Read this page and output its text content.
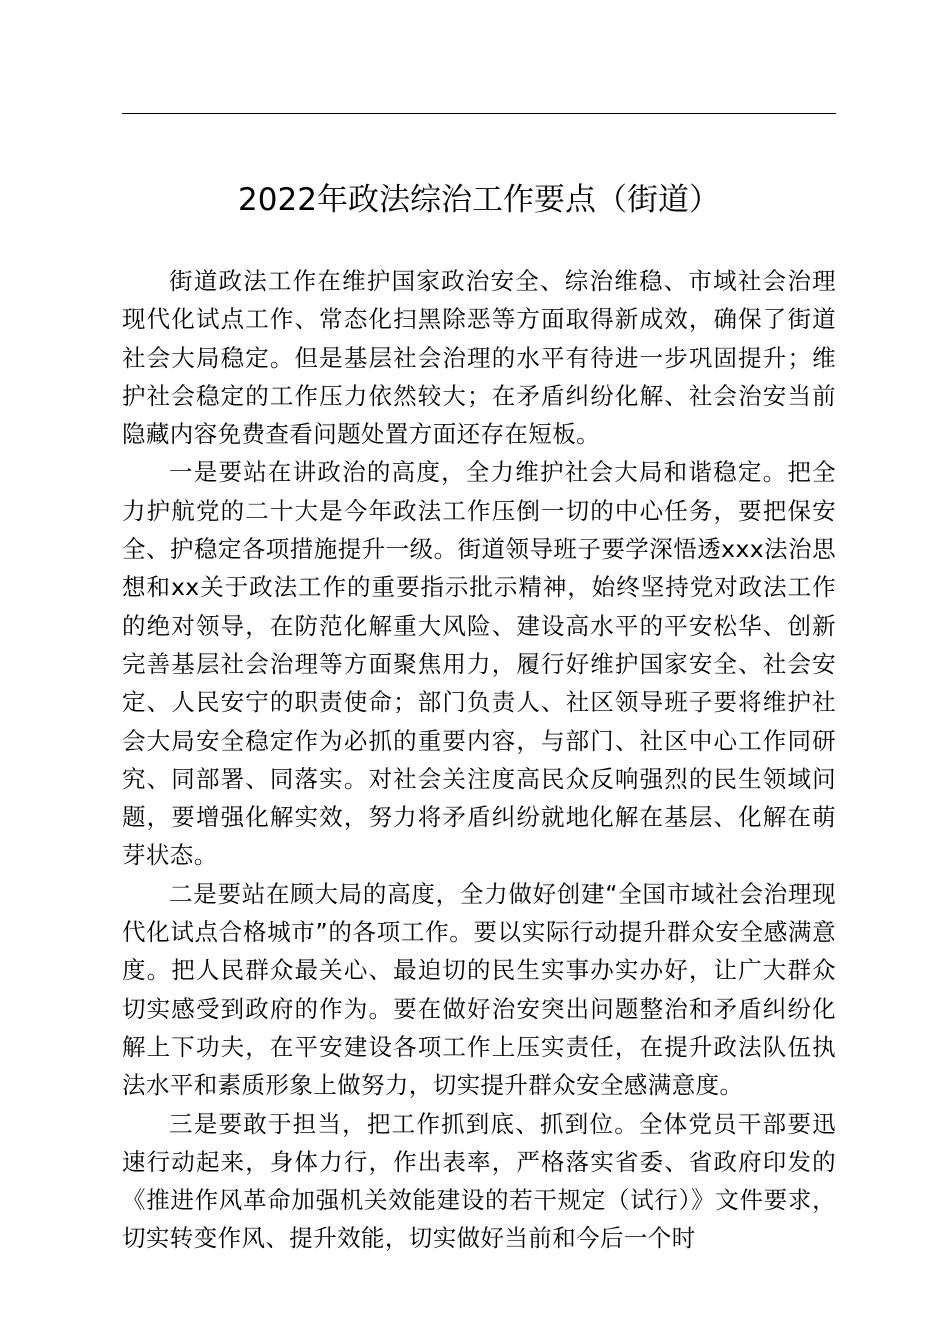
2022年政法综治工作要点（街道）

街道政法工作在维护国家政治安全、综治维稳、市域社会治理现代化试点工作、常态化扫黑除恶等方面取得新成效，确保了街道社会大局稳定。但是基层社会治理的水平有待进一步巩固提升；维护社会稳定的工作压力依然较大；在矛盾纠纷化解、社会治安当前隐藏内容免费查看问题处置方面还存在短板。

一是要站在讲政治的高度，全力维护社会大局和谐稳定。把全力护航党的二十大是今年政法工作压倒一切的中心任务，要把保安全、护稳定各项措施提升一级。街道领导班子要学深悟透xxx法治思想和xx关于政法工作的重要指示批示精神，始终坚持党对政法工作的绝对领导，在防范化解重大风险、建设高水平的平安松华、创新完善基层社会治理等方面聚焦用力，履行好维护国家安全、社会安定、人民安宁的职责使命；部门负责人、社区领导班子要将维护社会大局安全稳定作为必抓的重要内容，与部门、社区中心工作同研究、同部署、同落实。对社会关注度高民众反响强烈的民生领域问题，要增强化解实效，努力将矛盾纠纷就地化解在基层、化解在萌芽状态。

二是要站在顾大局的高度，全力做好创建“全国市域社会治理现代化试点合格城市”的各项工作。要以实际行动提升群众安全感满意度。把人民群众最关心、最迫切的民生实事办实办好，让广大群众切实感受到政府的作为。要在做好治安突出问题整治和矛盾纠纷化解上下功夫，在平安建设各项工作上压实责任，在提升政法队伍执法水平和素质形象上做努力，切实提升群众安全感满意度。

三是要敢于担当，把工作抓到底、抓到位。全体党员干部要迅速行动起来，身体力行，作出表率，严格落实省委、省政府印发的《推进作风革命加强机关效能建设的若干规定（试行）》文件要求，切实转变作风、提升效能，切实做好当前和今后一个时
